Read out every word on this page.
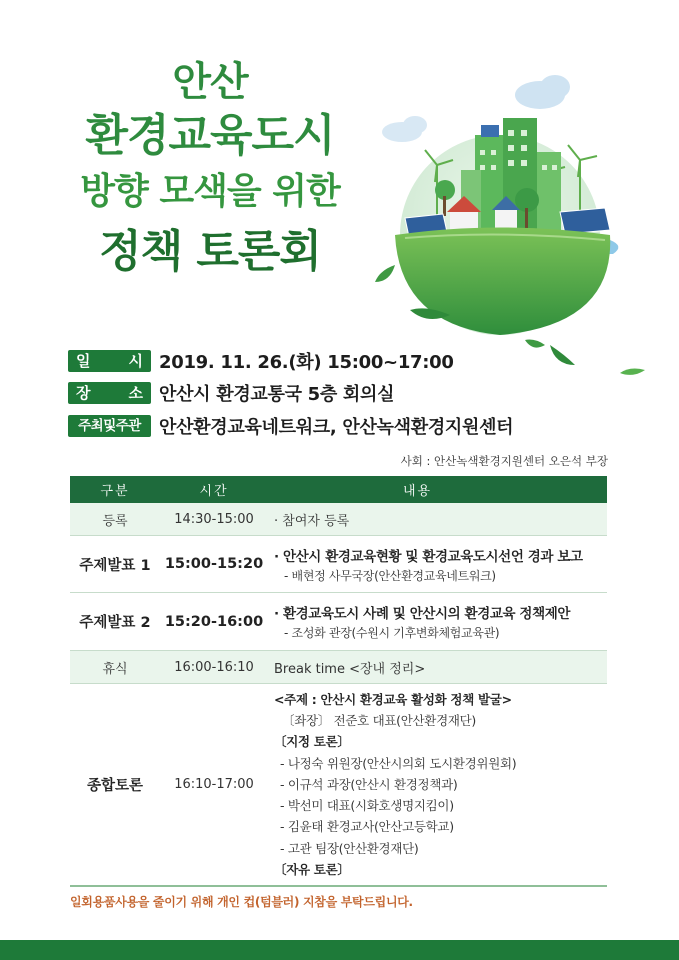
안산
환경교육도시
방향 모색을 위한
정책 토론회
일	시 2019. 11. 26.(화) 15:00~17:00
장	소 안산시 환경교통국 5층 회의실
주최및주관	안산환경교육네트워크, 안산녹색환경지원센터
사회 : 안산녹색환경지원센터 오은석 부장
구분	시간	내용
등록	14:30-15:00	· 참여자 등록
주제발표 1 15:00-15:20 · 안산시 환경교육현황 및 환경교육도시선언 경과 보고
- 배현정 사무국장(안산환경교육네트워크)
주제발표 2 15:20-16:00 · 환경교육도시 사례 및 안산시의 환경교육 정책제안
- 조성화 관장(수원시 기후변화체험교육관)
휴식	16:00-16:10	Break time <장내 정리>
종합토론	16:10-17:00
<주제 : 안산시 환경교육 활성화 정책 발굴>
〔좌장〕 전준호 대표(안산환경재단)
〔지정 토론〕
- 나정숙 위원장(안산시의회 도시환경위원회)
- 이규석 과장(안산시 환경정책과)
- 박선미 대표(시화호생명지킴이)
- 김윤태 환경교사(안산고등학교)
- 고관 팀장(안산환경재단)
〔자유 토론〕
일회용품사용을 줄이기 위해 개인 컵(텀블러) 지참을 부탁드립니다.
